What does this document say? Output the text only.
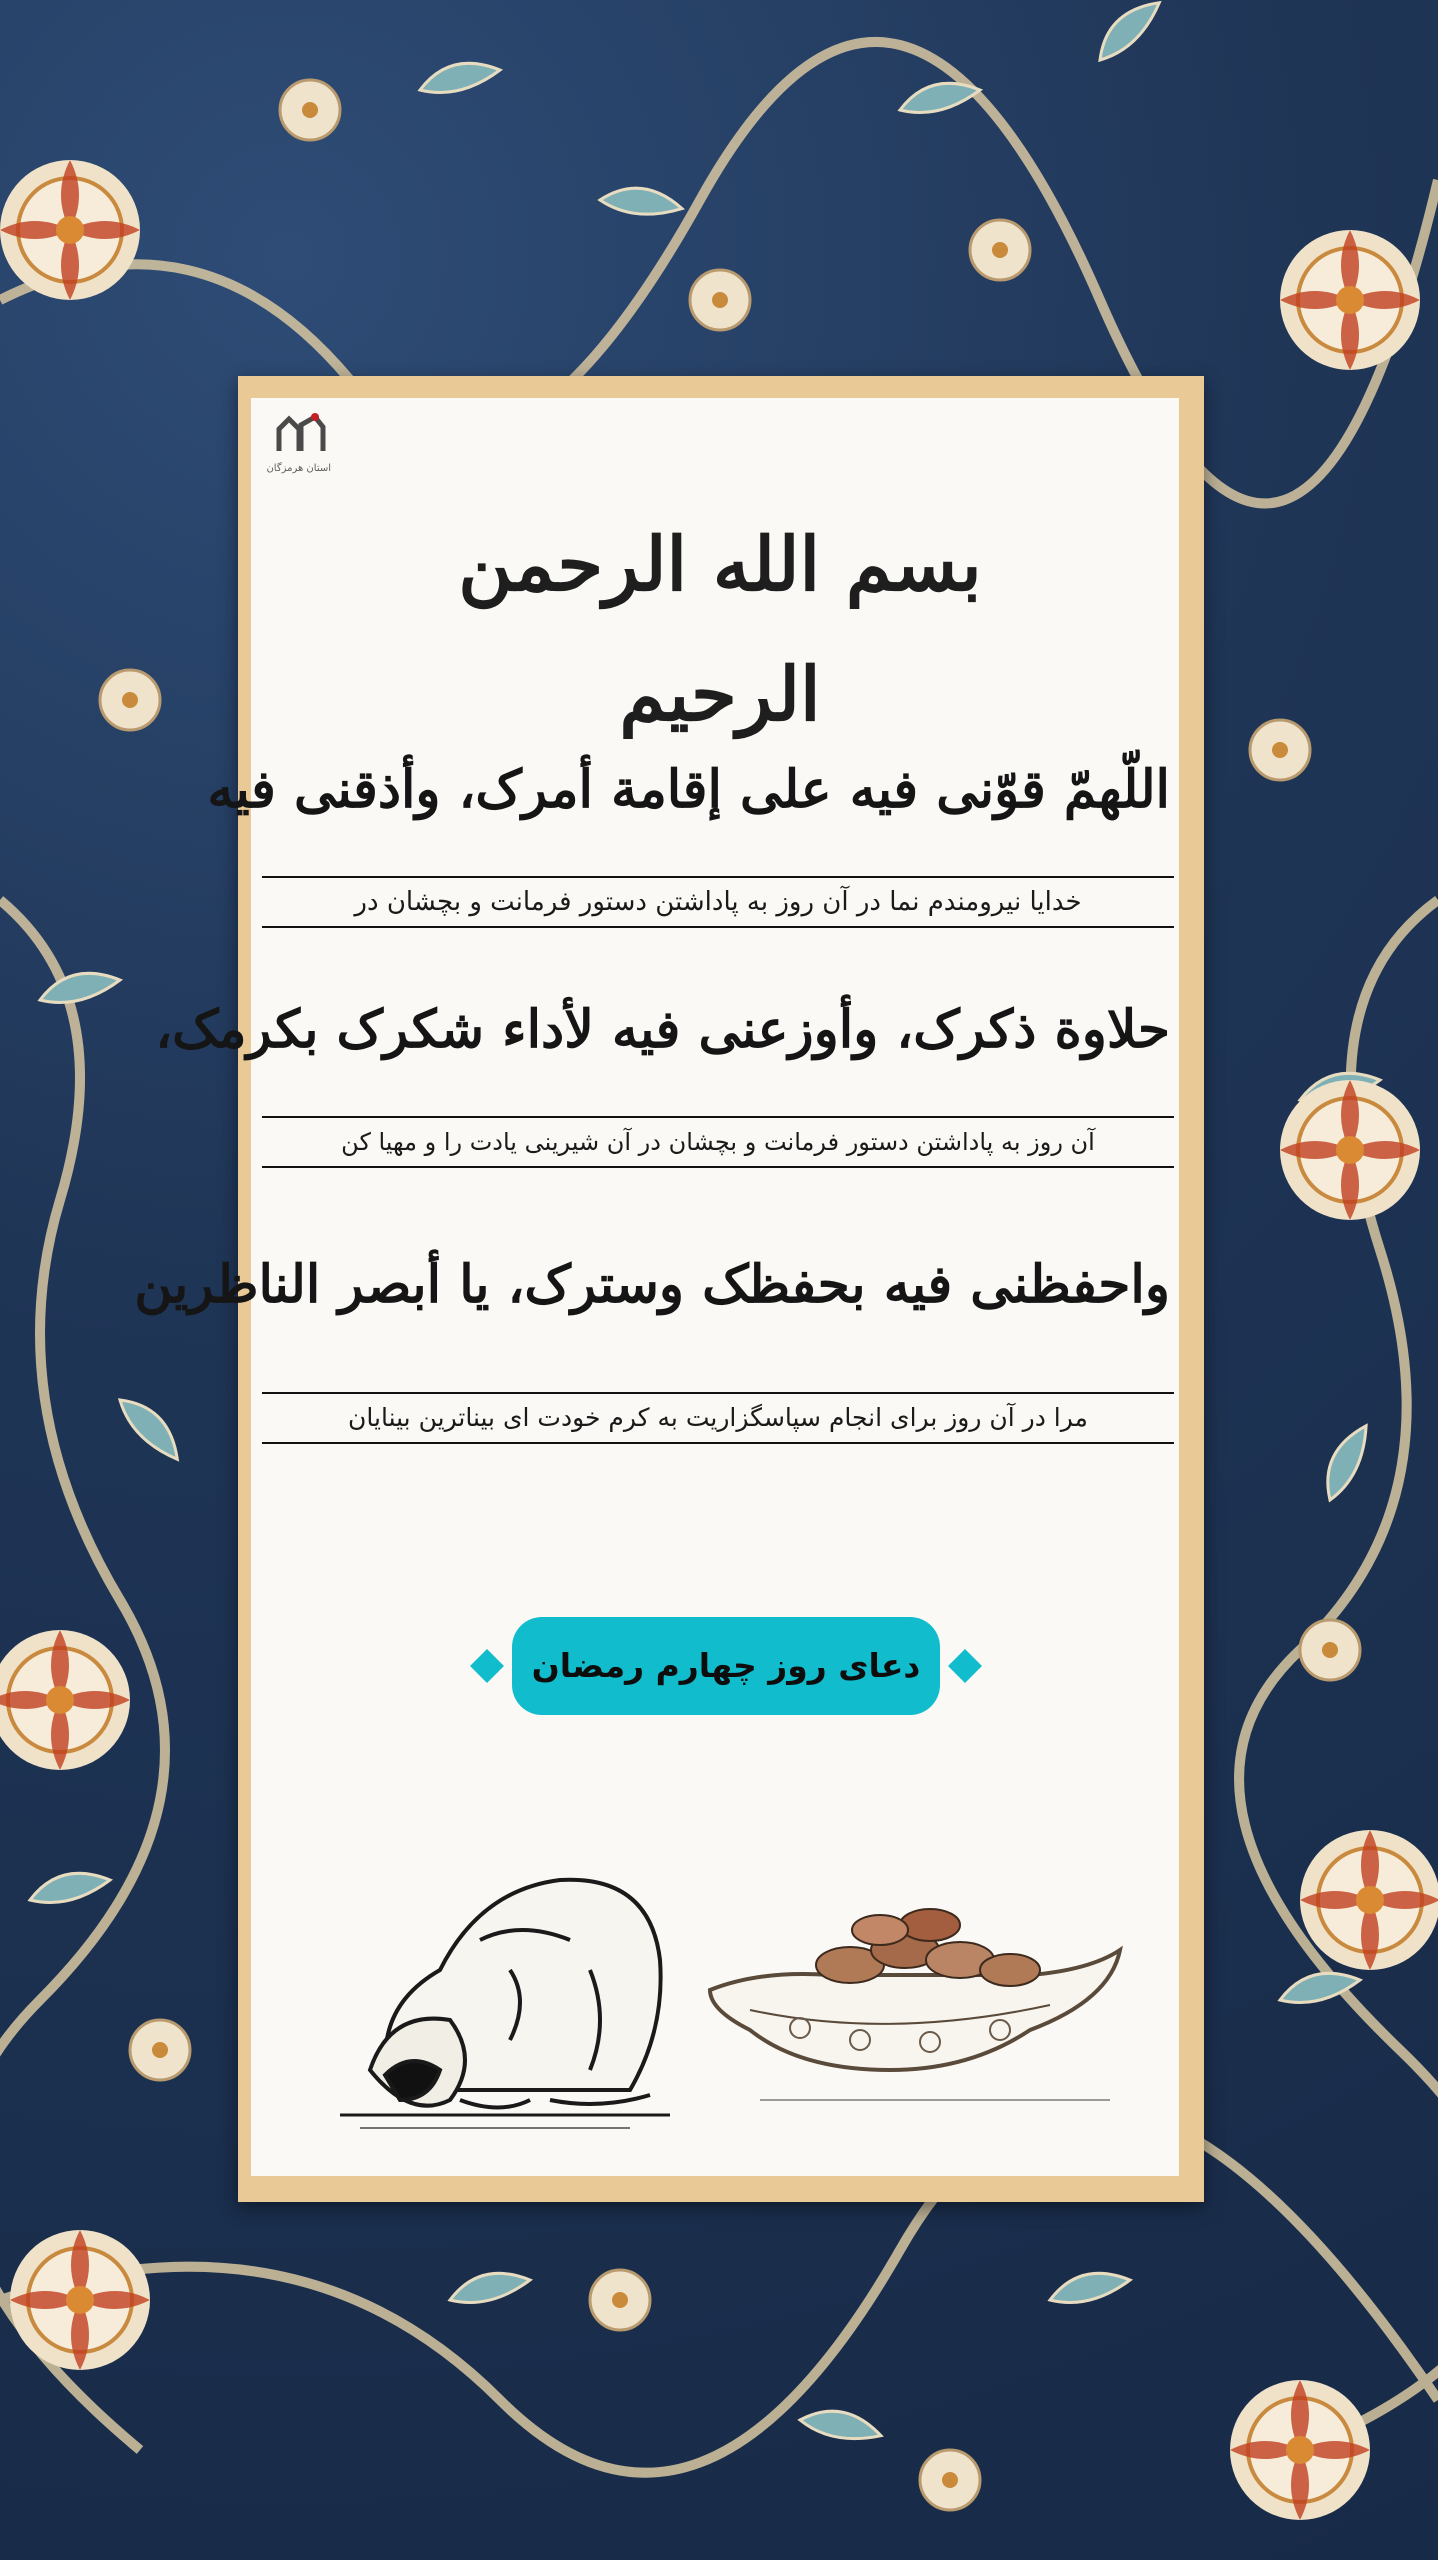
استان هرمزگان
بسم الله الرحمن الرحیم
اللّهمّ قوّنی فیه علی إقامة أمرک، وأذقنی فیه
خدایا نیرومندم نما در آن روز به پاداشتن دستور فرمانت و بچشان در
حلاوة ذکرک، وأوزعنی فیه لأداء شکرک بکرمک،
آن روز به پاداشتن دستور فرمانت و بچشان در آن شیرینی یادت را و مهیا کن
واحفظنی فیه بحفظک وسترک، یا أبصر الناظرین
مرا در آن روز برای انجام سپاسگزاریت به کرم خودت ای بیناترین بینایان
دعای روز چهارم رمضان
